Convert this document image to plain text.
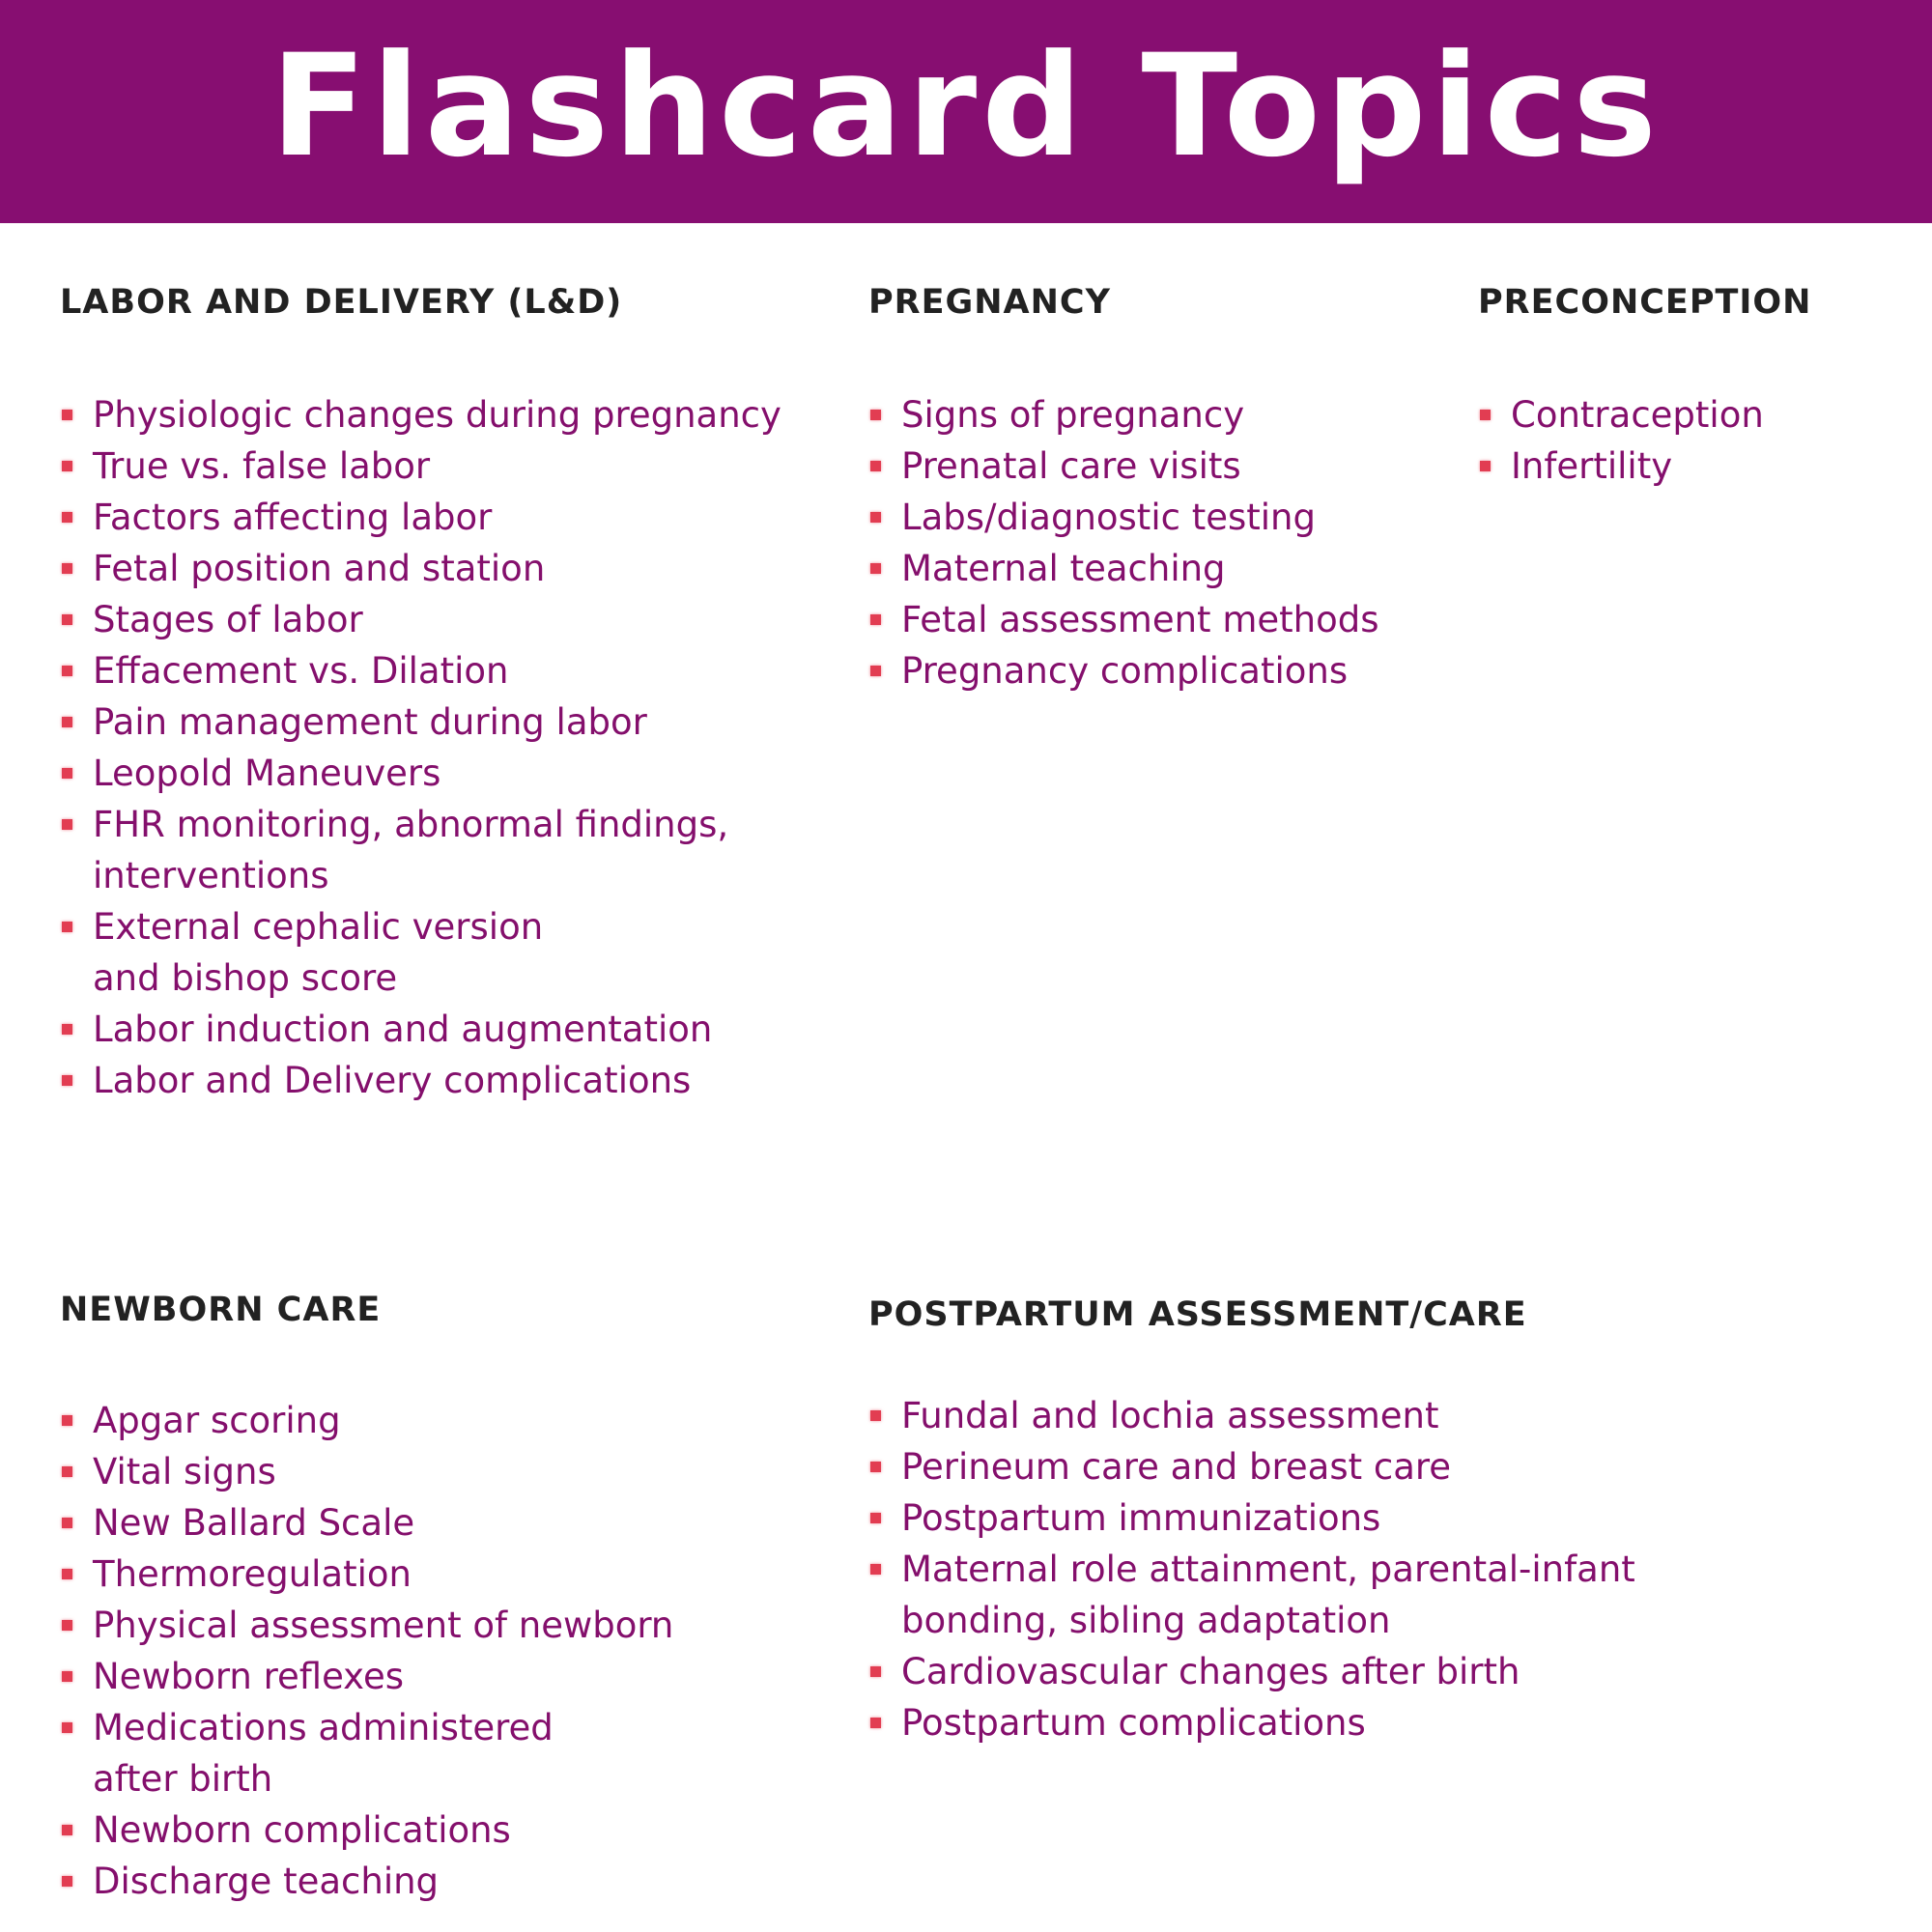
Flashcard Topics
LABOR AND DELIVERY (L&D)
Physiologic changes during pregnancy
True vs. false labor
Factors affecting labor
Fetal position and station
Stages of labor
Effacement vs. Dilation
Pain management during labor
Leopold Maneuvers
FHR monitoring, abnormal findings,
interventions
External cephalic version
and bishop score
Labor induction and augmentation
Labor and Delivery complications
PREGNANCY
Signs of pregnancy
Prenatal care visits
Labs/diagnostic testing
Maternal teaching
Fetal assessment methods
Pregnancy complications
PRECONCEPTION
Contraception
Infertility
NEWBORN CARE
Apgar scoring
Vital signs
New Ballard Scale
Thermoregulation
Physical assessment of newborn
Newborn reflexes
Medications administered
after birth
Newborn complications
Discharge teaching
POSTPARTUM ASSESSMENT/CARE
Fundal and lochia assessment
Perineum care and breast care
Postpartum immunizations
Maternal role attainment, parental-infant
bonding, sibling adaptation
Cardiovascular changes after birth
Postpartum complications
